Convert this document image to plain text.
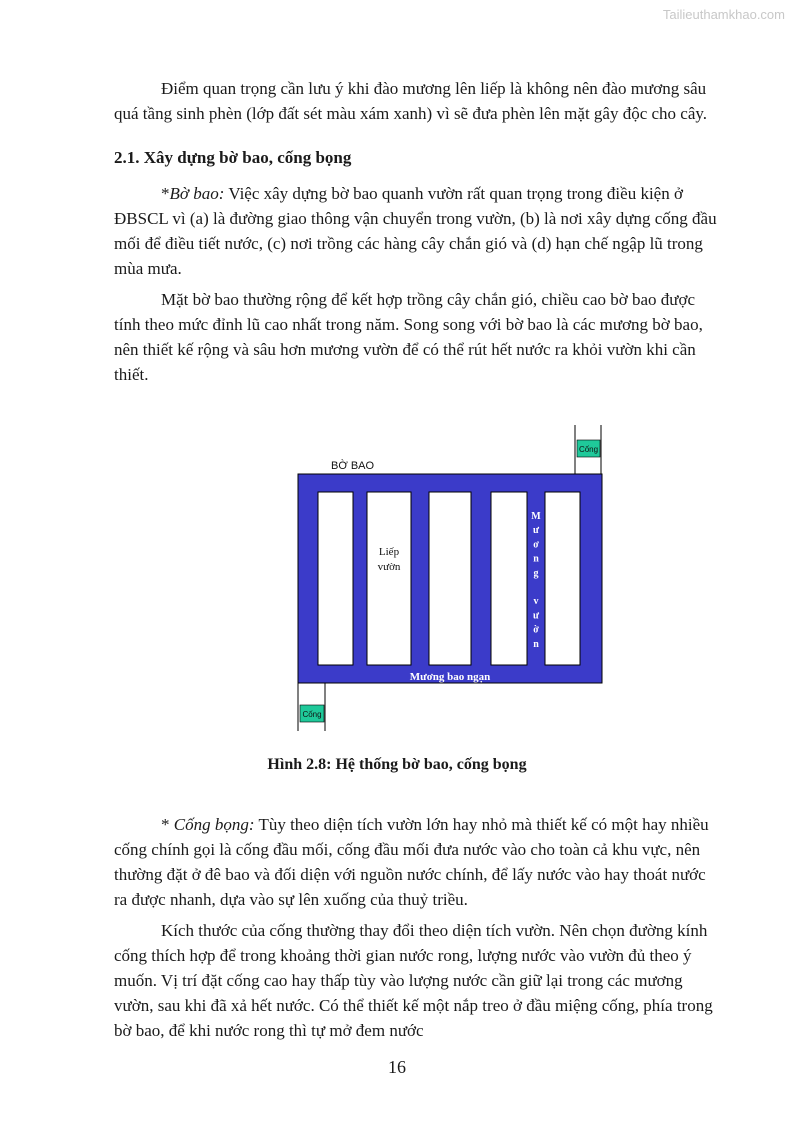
Tailieuthamkhao.com

Điểm quan trọng cần lưu ý khi đào mương lên liếp là không nên đào mương sâu quá tầng sinh phèn (lớp đất sét màu xám xanh) vì sẽ đưa phèn lên mặt gây độc cho cây.

2.1. Xây dựng bờ bao, cống bọng

*Bờ bao: Việc xây dựng bờ bao quanh vườn rất quan trọng trong điều kiện ở ĐBSCL vì (a) là đường giao thông vận chuyển trong vườn, (b) là nơi xây dựng cống đầu mối để điều tiết nước, (c) nơi trồng các hàng cây chắn gió và (d) hạn chế ngập lũ trong mùa mưa.

Mặt bờ bao thường rộng để kết hợp trồng cây chắn gió, chiều cao bờ bao được tính theo mức đỉnh lũ cao nhất trong năm. Song song với bờ bao là các mương bờ bao, nên thiết kế rộng và sâu hơn mương vườn để có thể rút hết nước ra khỏi vườn khi cần thiết.

Cống
Cống
BỜ BAO
Liếp
vườn
Mương bao ngạn
M
ư
ơ
n
g
v
ư
ờ
n
Hình 2.8: Hệ thống bờ bao, cống bọng

* Cống bọng: Tùy theo diện tích vườn lớn hay nhỏ mà thiết kế có một hay nhiều cống chính gọi là cống đầu mối, cống đầu mối đưa nước vào cho toàn cả khu vực, nên thường đặt ở đê bao và đối diện với nguồn nước chính, để lấy nước vào hay thoát nước ra được nhanh, dựa vào sự lên xuống của thuỷ triều.

Kích thước của cống thường thay đổi theo diện tích vườn. Nên chọn đường kính cống thích hợp để trong khoảng thời gian nước rong, lượng nước vào vườn đủ theo ý muốn. Vị trí đặt cống cao hay thấp tùy vào lượng nước cần giữ lại trong các mương vườn, sau khi đã xả hết nước. Có thể thiết kế một nắp treo ở đầu miệng cống, phía trong bờ bao, để khi nước rong thì tự mở đem nước

16
